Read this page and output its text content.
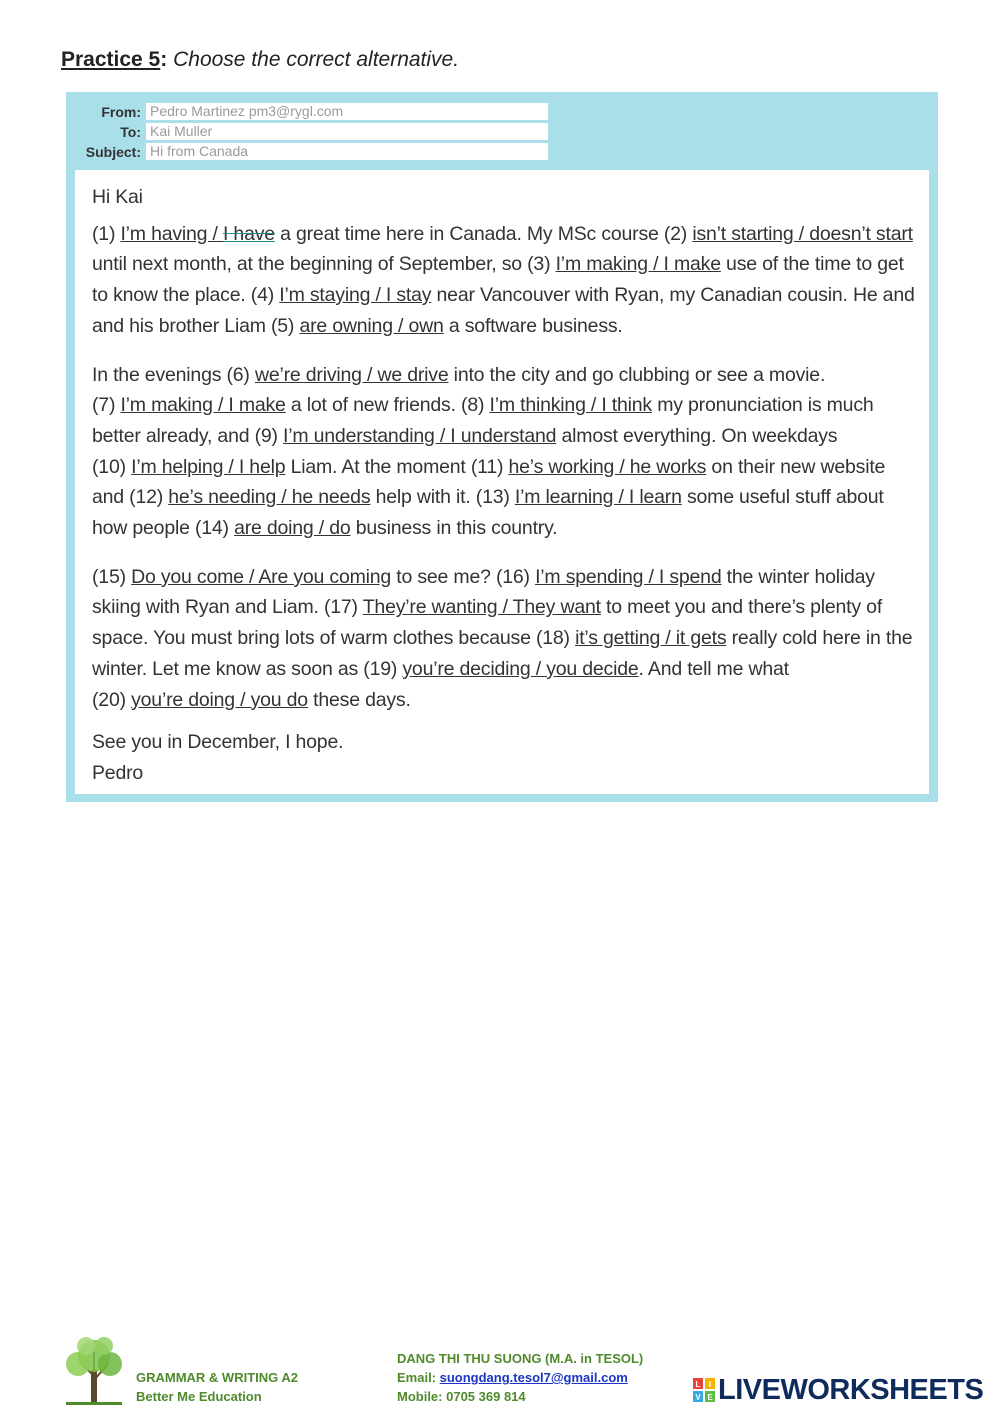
Practice 5: Choose the correct alternative.
From: Pedro Martinez pm3@rygl.com
To: Kai Muller
Subject: Hi from Canada

Hi Kai

(1) I’m having / I have a great time here in Canada. My MSc course (2) isn’t starting / doesn’t start until next month, at the beginning of September, so (3) I’m making / I make use of the time to get to know the place. (4) I’m staying / I stay near Vancouver with Ryan, my Canadian cousin. He and and his brother Liam (5) are owning / own a software business.

In the evenings (6) we’re driving / we drive into the city and go clubbing or see a movie.
(7) I’m making / I make a lot of new friends. (8) I’m thinking / I think my pronunciation is much better already, and (9) I’m understanding / I understand almost everything. On weekdays
(10) I’m helping / I help Liam. At the moment (11) he’s working / he works on their new website and (12) he’s needing / he needs help with it. (13) I’m learning / I learn some useful stuff about how people (14) are doing / do business in this country.

(15) Do you come / Are you coming to see me? (16) I’m spending / I spend the winter holiday skiing with Ryan and Liam. (17) They’re wanting / They want to meet you and there’s plenty of space. You must bring lots of warm clothes because (18) it’s getting / it gets really cold here in the winter. Let me know as soon as (19) you’re deciding / you decide. And tell me what
(20) you’re doing / you do these days.

See you in December, I hope.

Pedro

GRAMMAR & WRITING A2
Better Me Education
DANG THI THU SUONG (M.A. in TESOL)
Email: suongdang.tesol7@gmail.com
Mobile: 0705 369 814
L I
V E LIVEWORKSHEETS
